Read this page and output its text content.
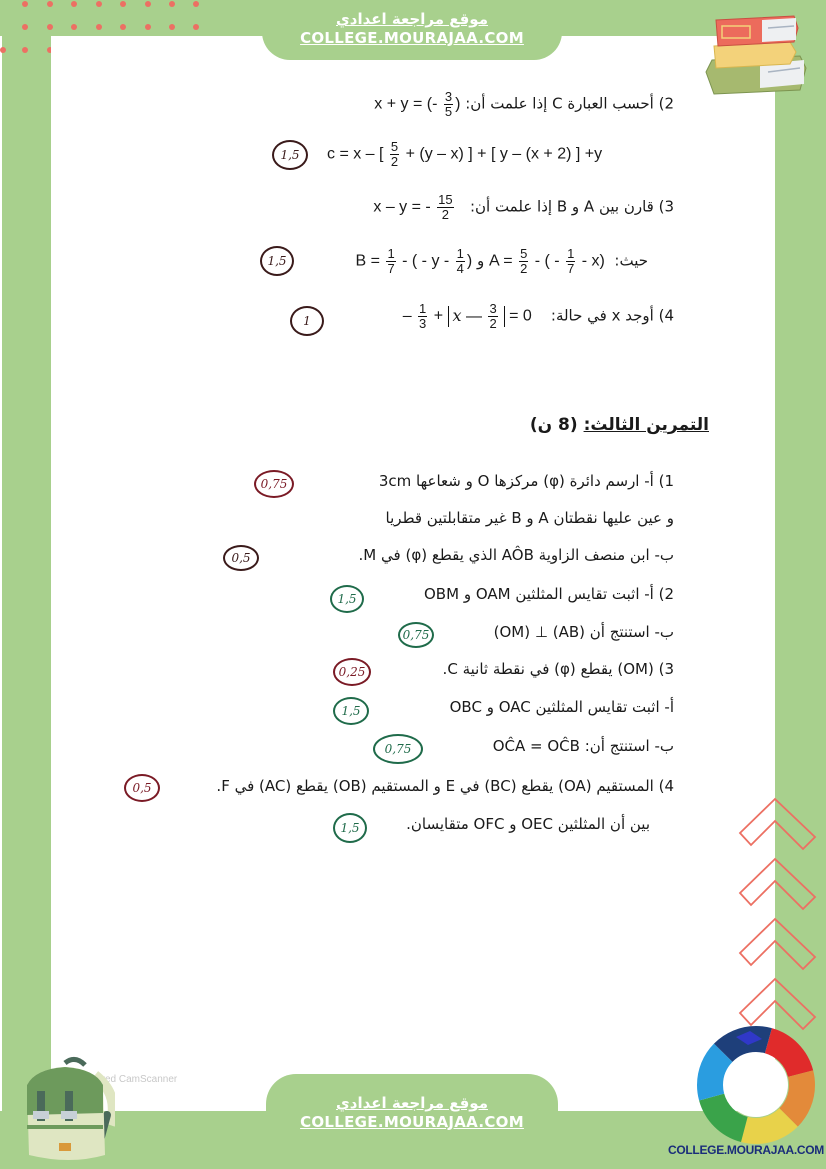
موقع مراجعة اعدادي
COLLEGE.MOURAJAA.COM
2) أحسب العبارة C إذا علمت أن: x + y = (- $\frac{3}{5}$ )
c = x – [ $\frac{5}{2} + (y - x)$ ] + [ y – (x + 2) ] +y
1,5
3) قارن بين A و B إذا علمت أن:   x – y = - $\frac{15}{2}$
حيث:  $A = \frac{5}{2}$ - ( - $\frac{1}{7} - x$) و $B = \frac{1}{7}$ - ( - y - $\frac{1}{4}$ )
1,5
4) أوجد x في حالة:    – $\frac{1}{3} + x$ — $\frac{3}{2} = 0$
1
التمرين الثالث: (8 ن)
1) أ- ارسم دائرة (φ) مركزها O و شعاعها 3cm
0,75
و عين عليها نقطتان A و B غير متقابلتين قطريا
ب- ابن منصف الزاوية AÔB الذي يقطع (φ) في M.
0,5
2) أ- اثبت تقايس المثلثين OAM و OBM
1,5
ب- استنتج أن (AB) ⊥ (OM)
0,75
3) (OM) يقطع (φ) في نقطة ثانية C.
0,25
أ- اثبت تقايس المثلثين OAC و OBC
1,5
ب- استنتج أن: OĈA = OĈB
0,75
4) المستقيم (OA) يقطع (BC) في E و المستقيم (OB) يقطع (AC) في F.
0,5
بين أن المثلثين OEC و OFC متقايسان.
1,5
ved CamScanner
موقع مراجعة اعدادي
COLLEGE.MOURAJAA.COM
COLLEGE.MOURAJAA.COM
